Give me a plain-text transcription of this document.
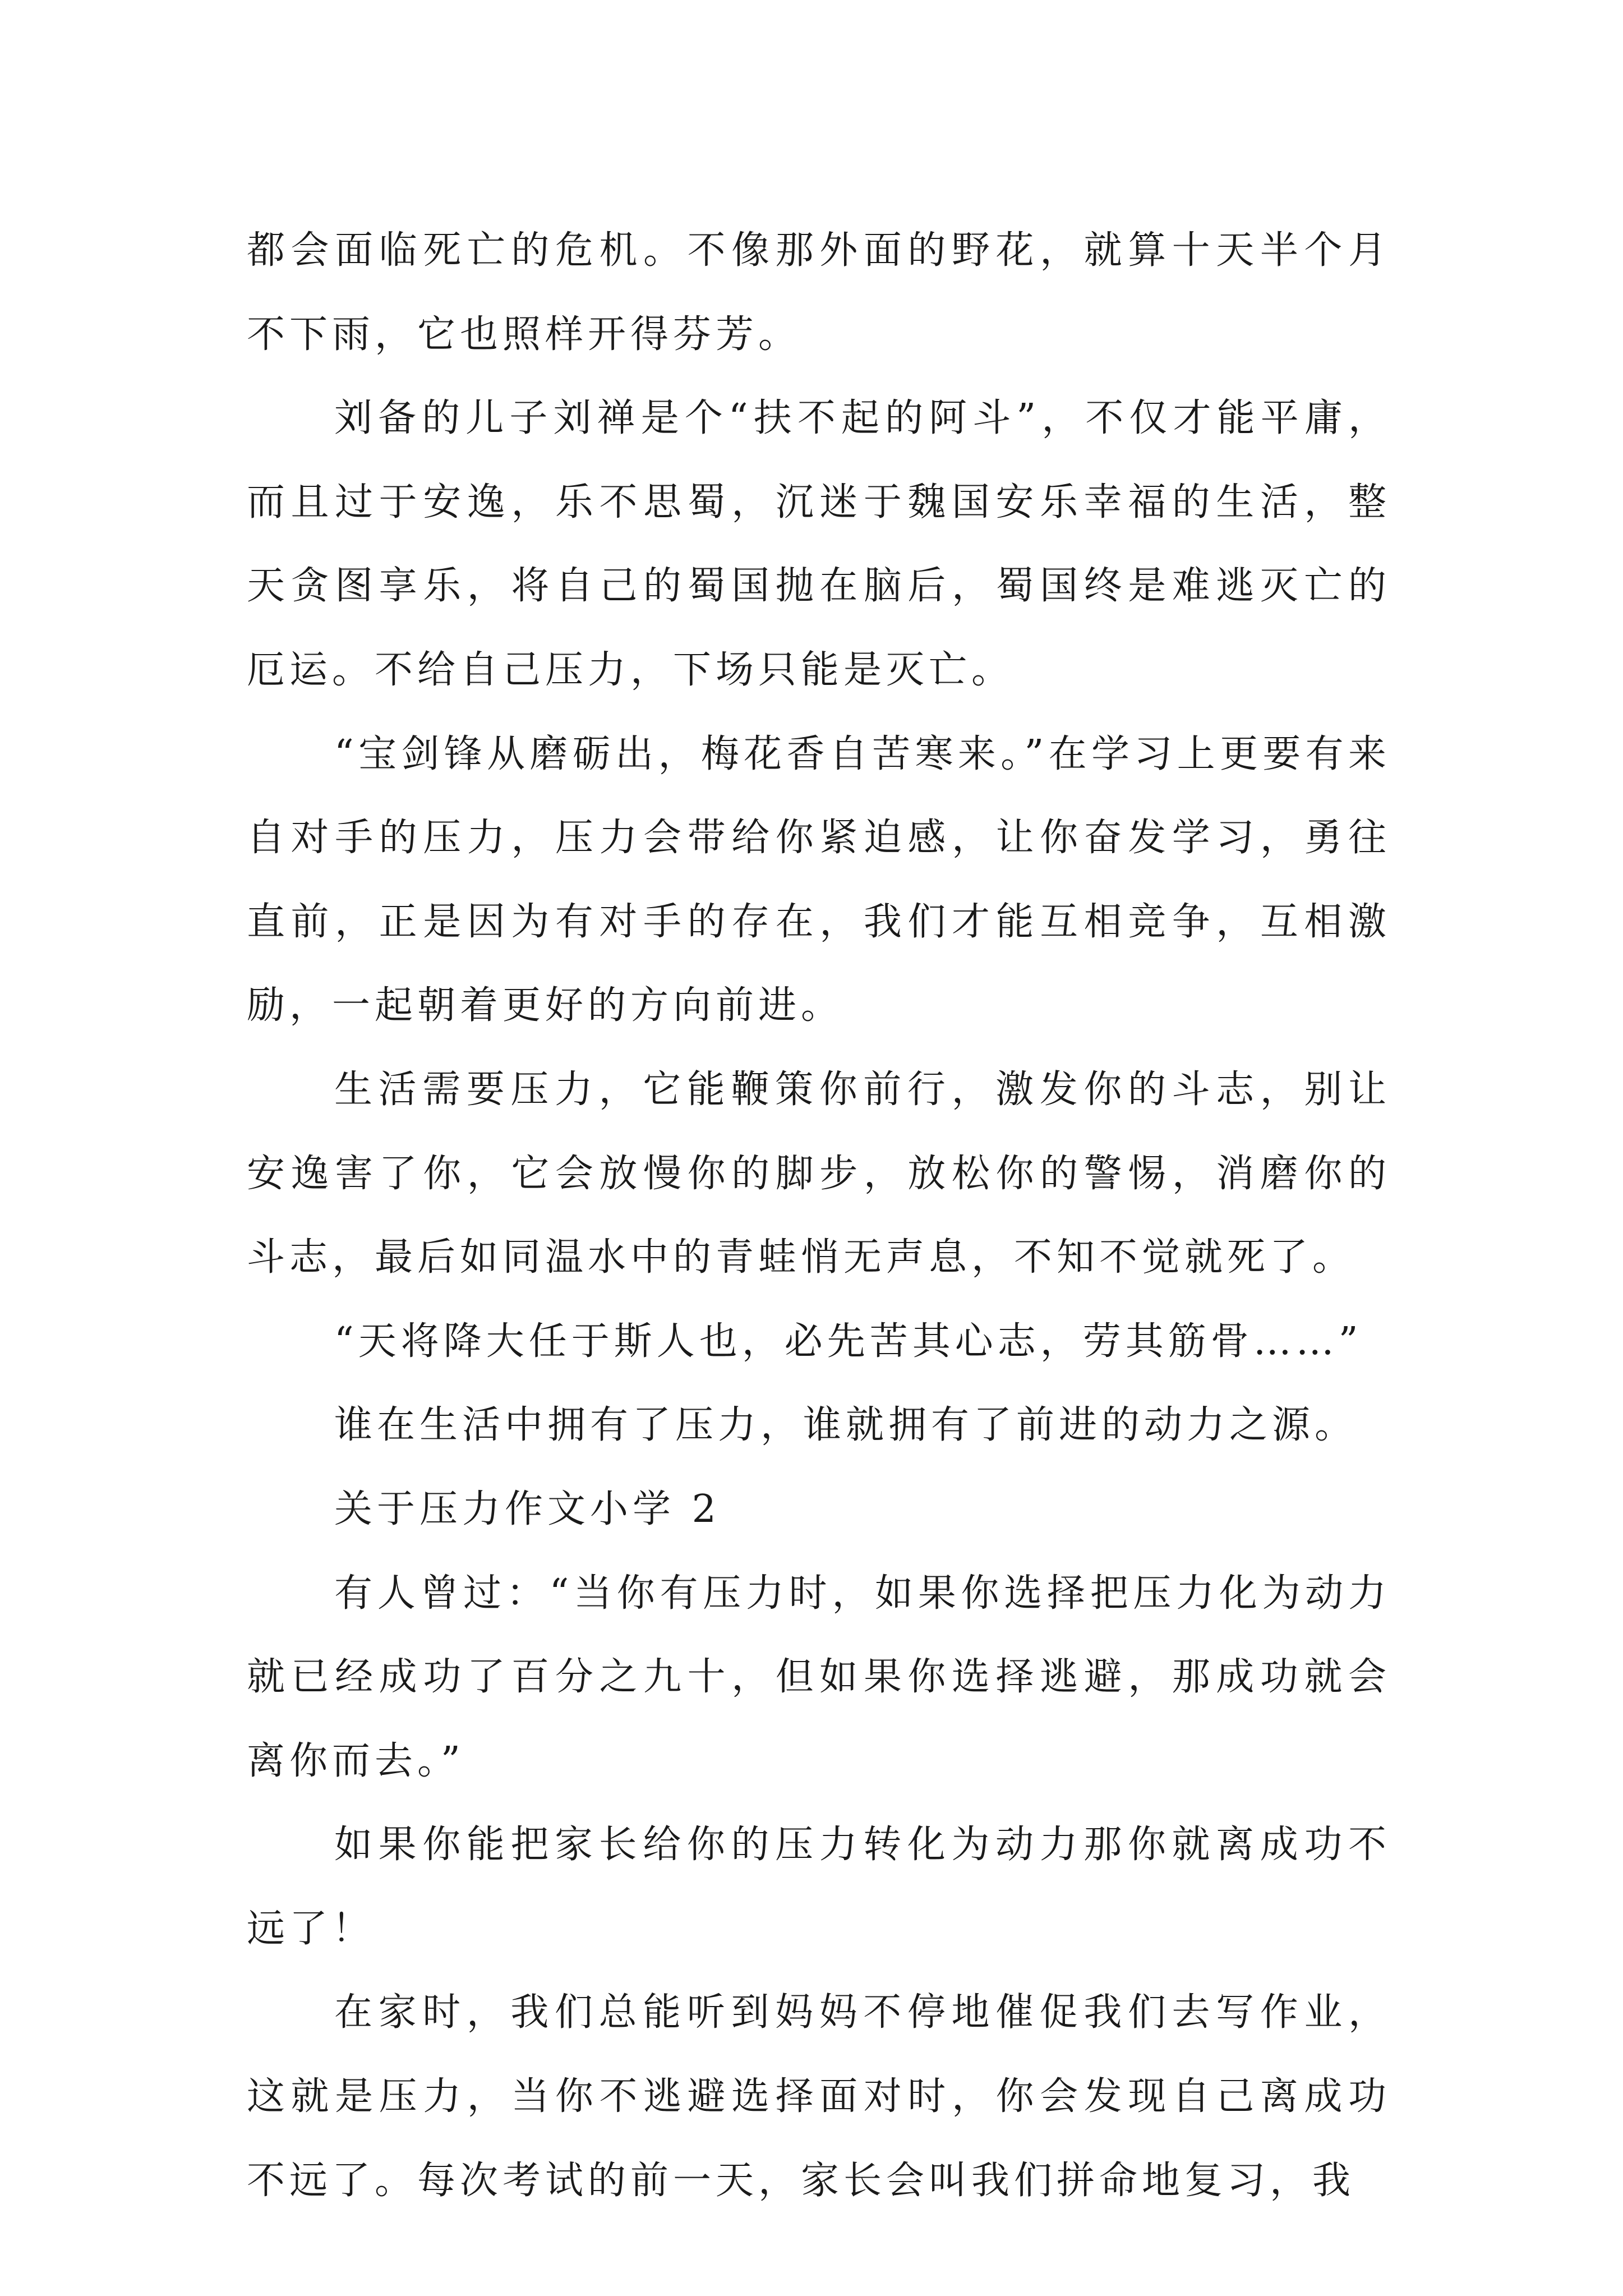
都会面临死亡的危机。不像那外面的野花，就算十天半个月不下雨，它也照样开得芬芳。

刘备的儿子刘禅是个“扶不起的阿斗”，不仅才能平庸，而且过于安逸，乐不思蜀，沉迷于魏国安乐幸福的生活，整天贪图享乐，将自己的蜀国抛在脑后，蜀国终是难逃灭亡的厄运。不给自己压力，下场只能是灭亡。

“宝剑锋从磨砺出，梅花香自苦寒来。”在学习上更要有来自对手的压力，压力会带给你紧迫感，让你奋发学习，勇往直前，正是因为有对手的存在，我们才能互相竞争，互相激励，一起朝着更好的方向前进。

生活需要压力，它能鞭策你前行，激发你的斗志，别让安逸害了你，它会放慢你的脚步，放松你的警惕，消磨你的斗志，最后如同温水中的青蛙悄无声息，不知不觉就死了。

“天将降大任于斯人也，必先苦其心志，劳其筋骨……”

谁在生活中拥有了压力，谁就拥有了前进的动力之源。

关于压力作文小学 2

有人曾过：“当你有压力时，如果你选择把压力化为动力就已经成功了百分之九十，但如果你选择逃避，那成功就会离你而去。”

如果你能把家长给你的压力转化为动力那你就离成功不远了！

在家时，我们总能听到妈妈不停地催促我们去写作业，这就是压力，当你不逃避选择面对时，你会发现自己离成功不远了。每次考试的前一天，家长会叫我们拼命地复习，我
